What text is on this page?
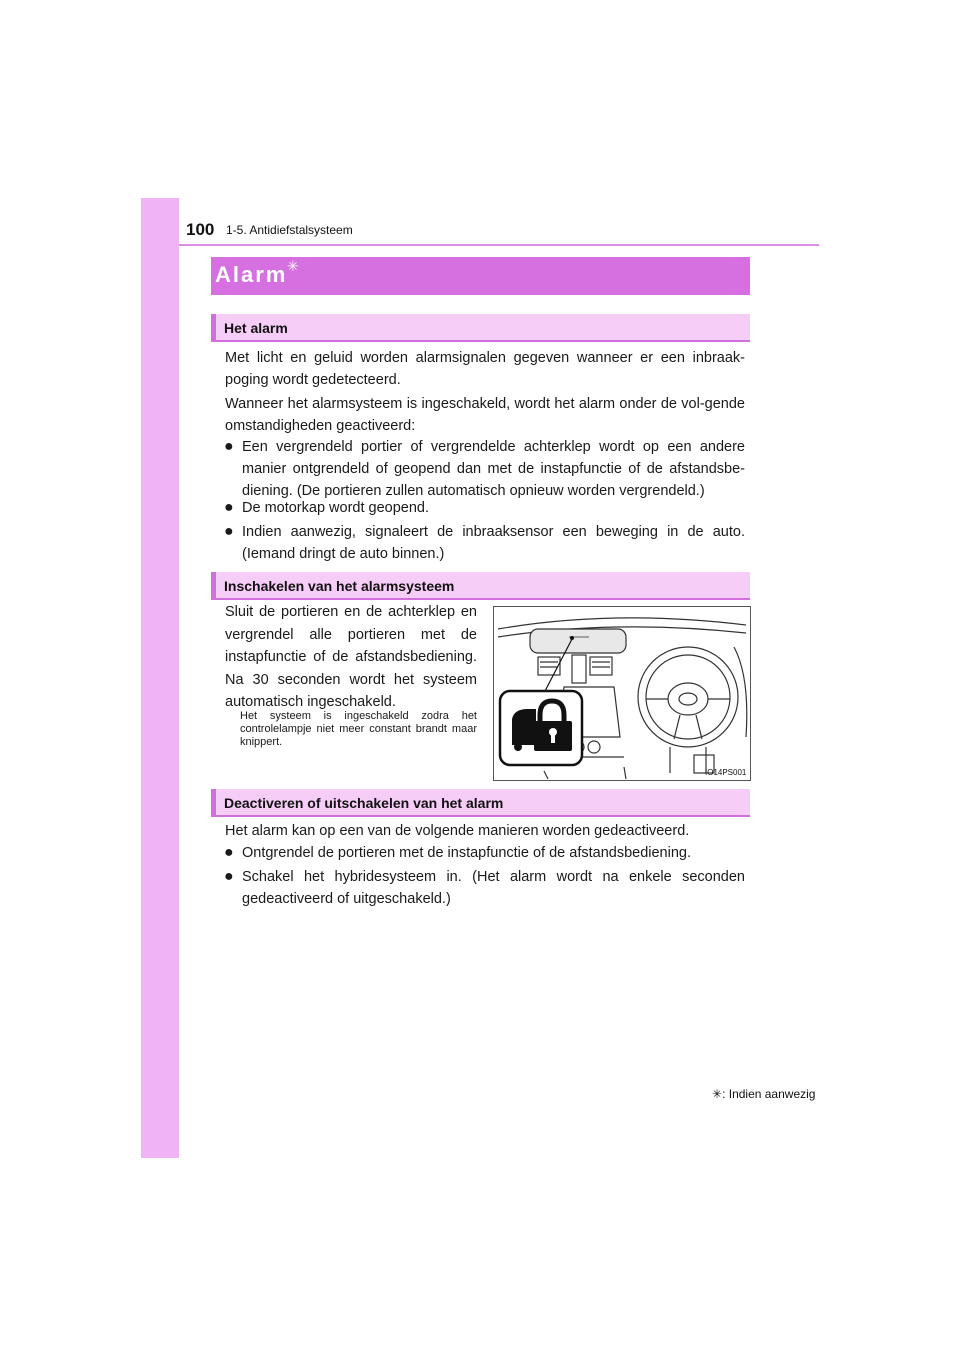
100 1-5. Antidiefstalsysteem
Alarm ✳
Het alarm
Met licht en geluid worden alarmsignalen gegeven wanneer er een inbraak-poging wordt gedetecteerd.
Wanneer het alarmsysteem is ingeschakeld, wordt het alarm onder de vol-gende omstandigheden geactiveerd:
● Een vergrendeld portier of vergrendelde achterklep wordt op een andere manier ontgrendeld of geopend dan met de instapfunctie of de afstandsbe-diening. (De portieren zullen automatisch opnieuw worden vergrendeld.)
● De motorkap wordt geopend.
● Indien aanwezig, signaleert de inbraaksensor een beweging in de auto. (Iemand dringt de auto binnen.)
Inschakelen van het alarmsysteem
Sluit de portieren en de achterklep en vergrendel alle portieren met de instapfunctie of de afstandsbediening. Na 30 seconden wordt het systeem automatisch ingeschakeld.
Het systeem is ingeschakeld zodra het controlelampje niet meer constant brandt maar knippert.
IO14PS001
Deactiveren of uitschakelen van het alarm
Het alarm kan op een van de volgende manieren worden gedeactiveerd.
● Ontgrendel de portieren met de instapfunctie of de afstandsbediening.
● Schakel het hybridesysteem in. (Het alarm wordt na enkele seconden gedeactiveerd of uitgeschakeld.)
✳: Indien aanwezig
